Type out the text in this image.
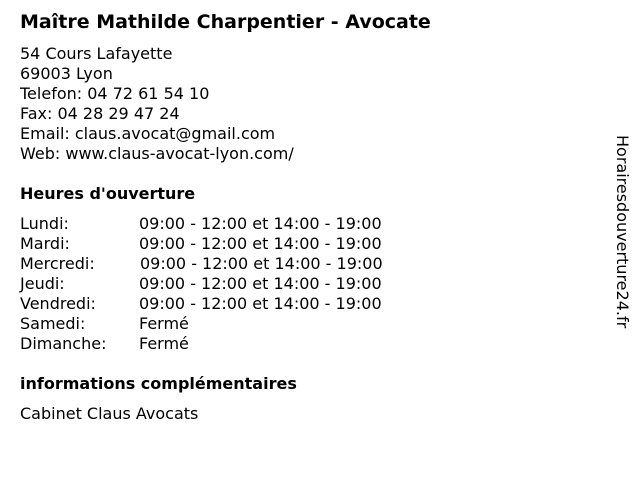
Maître Mathilde Charpentier - Avocate
54 Cours Lafayette
69003 Lyon
Telefon: 04 72 61 54 10
Fax: 04 28 29 47 24
Email: claus.avocat@gmail.com
Web: www.claus-avocat-lyon.com/
Heures d'ouverture
Lundi:	09:00 - 12:00 et 14:00 - 19:00
Mardi:	09:00 - 12:00 et 14:00 - 19:00
Mercredi:	09:00 - 12:00 et 14:00 - 19:00
Jeudi:	09:00 - 12:00 et 14:00 - 19:00
Vendredi:	09:00 - 12:00 et 14:00 - 19:00
Samedi:	Fermé
Dimanche: Fermé
informations complémentaires
Cabinet Claus Avocats
Horairesdouverture24.fr
